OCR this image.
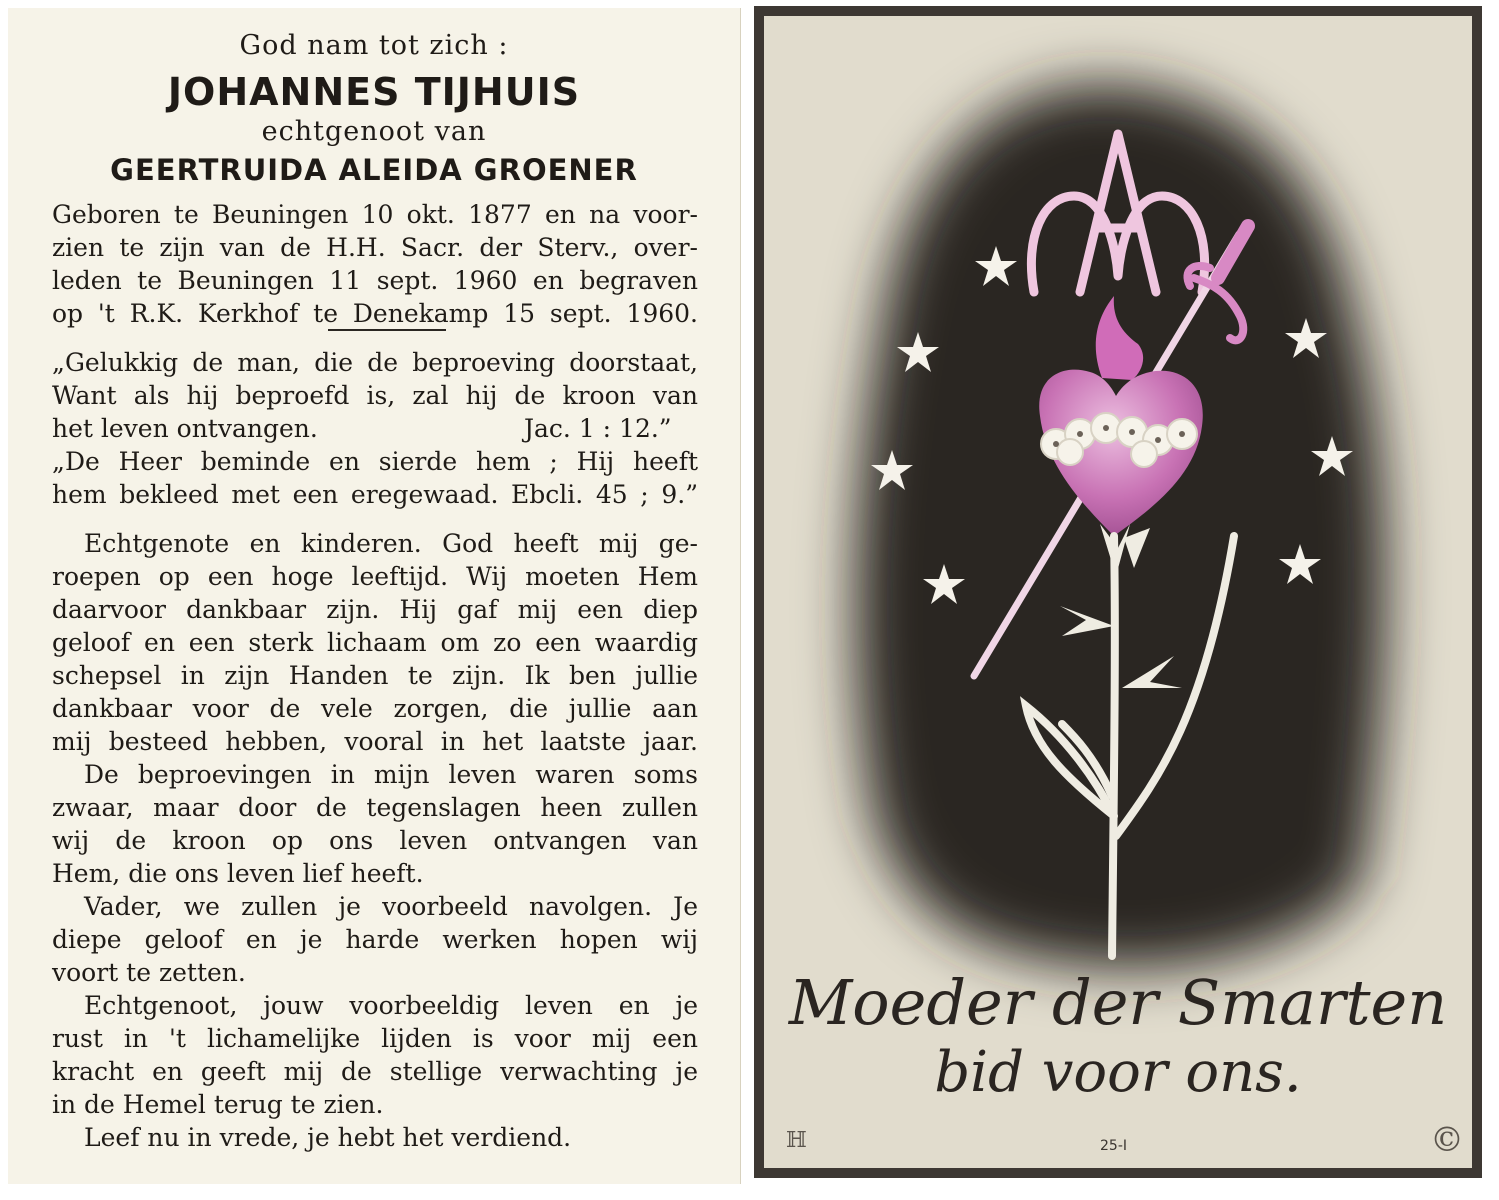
God nam tot zich :
JOHANNES TIJHUIS
echtgenoot van
GEERTRUIDA ALEIDA GROENER
Geboren te Beuningen 10 okt. 1877 en na voor-
zien te zijn van de H.H. Sacr. der Sterv., over-
leden te Beuningen 11 sept. 1960 en begraven
op 't R.K. Kerkhof te Denekamp 15 sept. 1960.
„Gelukkig de man, die de beproeving doorstaat,
Want als hij beproefd is, zal hij de kroon van
het leven ontvangen.	Jac. 1 : 12.”
„De Heer beminde en sierde hem ; Hij heeft
hem bekleed met een eregewaad. Ebcli. 45 ; 9.”
Echtgenote en kinderen. God heeft mij ge-
roepen op een hoge leeftijd. Wij moeten Hem
daarvoor dankbaar zijn. Hij gaf mij een diep
geloof en een sterk lichaam om zo een waardig
schepsel in zijn Handen te zijn. Ik ben jullie
dankbaar voor de vele zorgen, die jullie aan
mij besteed hebben, vooral in het laatste jaar.
De beproevingen in mijn leven waren soms
zwaar, maar door de tegenslagen heen zullen
wij de kroon op ons leven ontvangen van
Hem, die ons leven lief heeft.
Vader, we zullen je voorbeeld navolgen. Je
diepe geloof en je harde werken hopen wij
voort te zetten.
Echtgenoot, jouw voorbeeldig leven en je
rust in 't lichamelijke lijden is voor mij een
kracht en geeft mij de stellige verwachting je
in de Hemel terug te zien.
Leef nu in vrede, je hebt het verdiend.
Moeder der Smarten
bid voor ons.
ℍ	25-I	©
